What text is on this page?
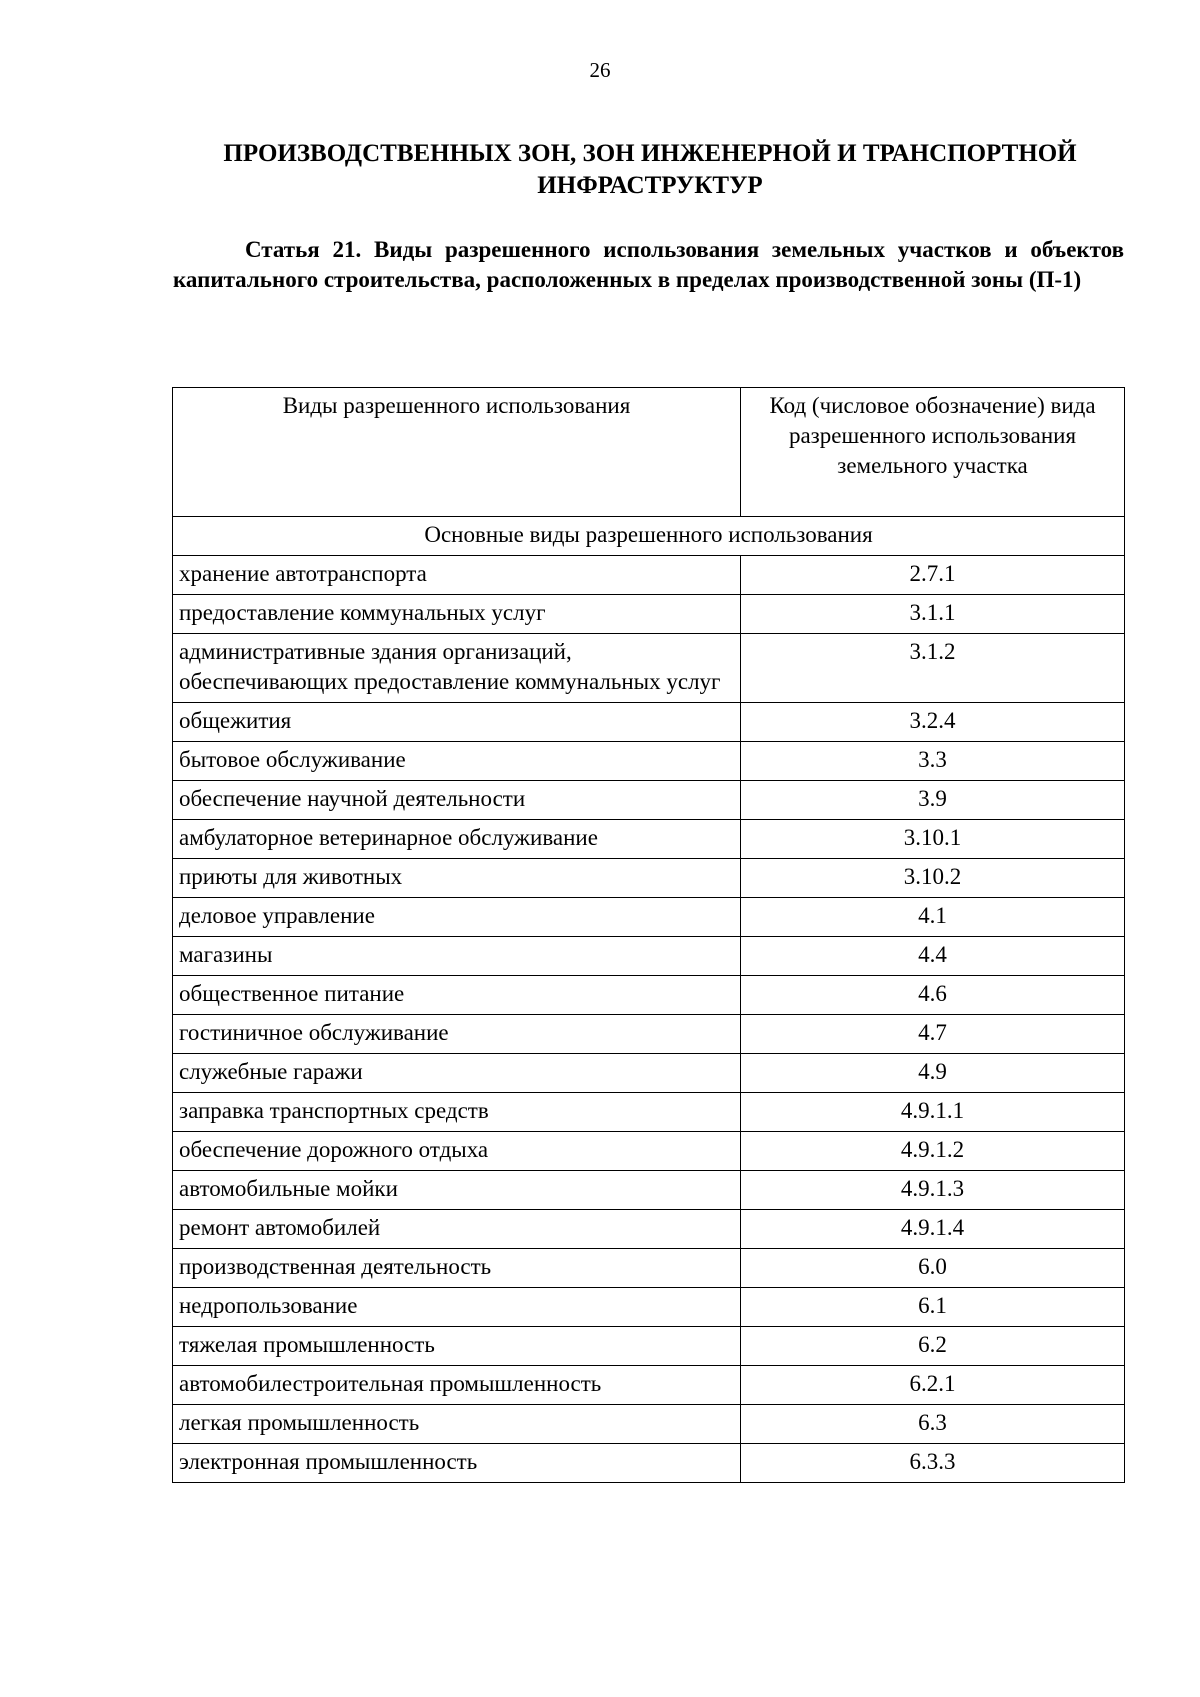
26
ПРОИЗВОДСТВЕННЫХ ЗОН, ЗОН ИНЖЕНЕРНОЙ И ТРАНСПОРТНОЙ ИНФРАСТРУКТУР
Статья 21. Виды разрешенного использования земельных участков и объектов капитального строительства, расположенных в пределах производственной зоны (П-1)
Виды разрешенного использования	Код (числовое обозначение) вида разрешенного использования земельного участка
Основные виды разрешенного использования	
хранение автотранспорта	2.7.1
предоставление коммунальных услуг	3.1.1
административные здания организаций, обеспечивающих предоставление коммунальных услуг	3.1.2
общежития	3.2.4
бытовое обслуживание	3.3
обеспечение научной деятельности	3.9
амбулаторное ветеринарное обслуживание	3.10.1
приюты для животных	3.10.2
деловое управление	4.1
магазины	4.4
общественное питание	4.6
гостиничное обслуживание	4.7
служебные гаражи	4.9
заправка транспортных средств	4.9.1.1
обеспечение дорожного отдыха	4.9.1.2
автомобильные мойки	4.9.1.3
ремонт автомобилей	4.9.1.4
производственная деятельность	6.0
недропользование	6.1
тяжелая промышленность	6.2
автомобилестроительная промышленность	6.2.1
легкая промышленность	6.3
электронная промышленность	6.3.3
